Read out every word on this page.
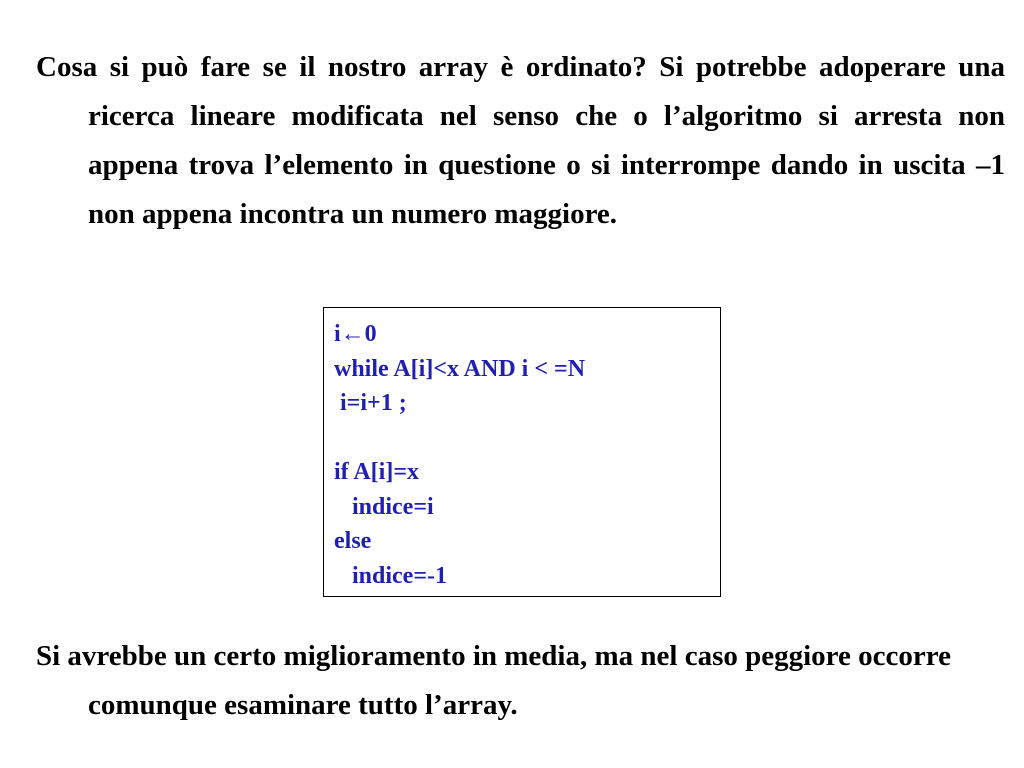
Cosa si può fare se il nostro array è ordinato? Si potrebbe adoperare una ricerca lineare modificata nel senso che o l’algoritmo si arresta non appena trova l’elemento in questione o si interrompe dando in uscita –1 non appena incontra un numero maggiore.

i←0
while A[i]<x AND i < =N
i=i+1 ;
if A[i]=x
indice=i
else
indice=-1

Si avrebbe un certo miglioramento in media, ma nel caso peggiore occorre comunque esaminare tutto l’array.
